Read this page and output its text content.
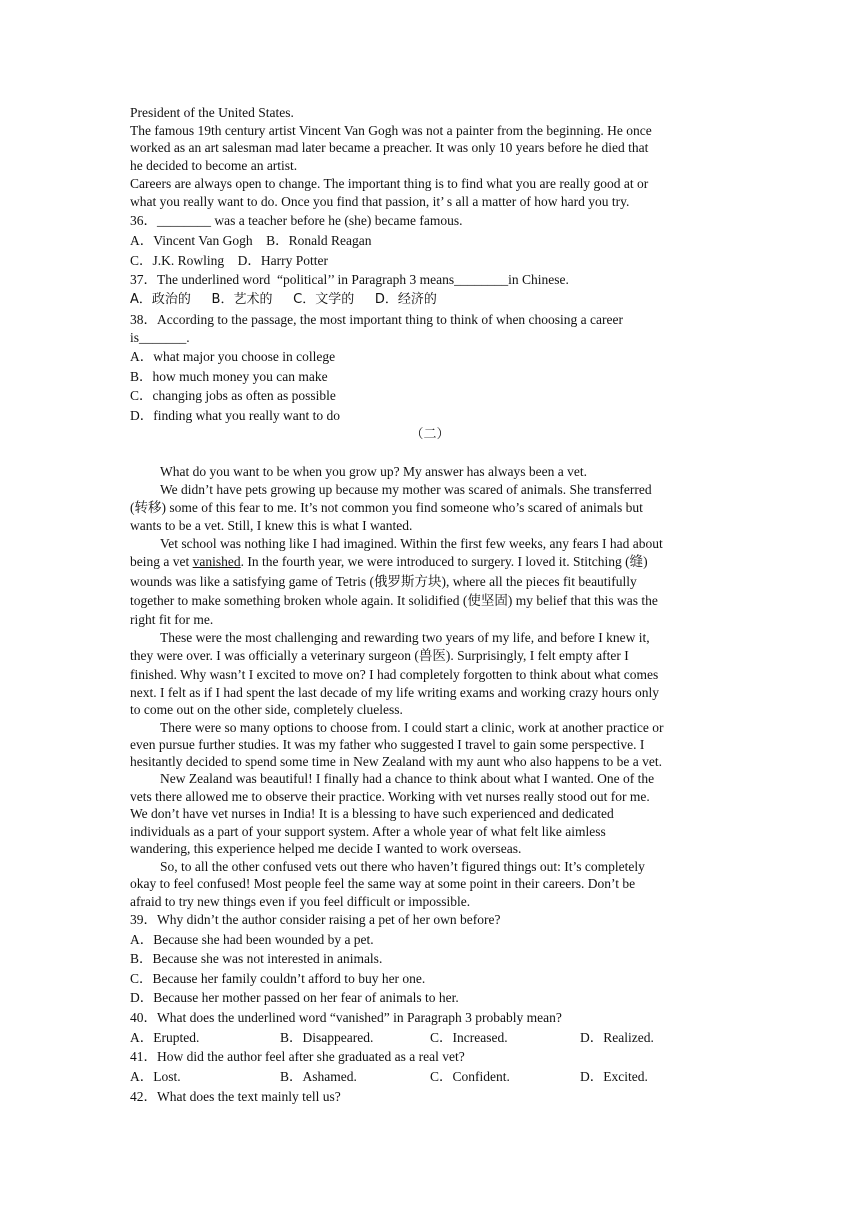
President of the United States.

The famous 19th century artist Vincent Van Gogh was not a painter from the beginning. He once

worked as an art salesman mad later became a preacher. It was only 10 years before he died that

he decided to become an artist.

Careers are always open to change. The important thing is to find what you are really good at or

what you really want to do. Once you find that passion, it’ s all a matter of how hard you try.

36．________ was a teacher before he (she) became famous.

A．Vincent Van Gogh    B．Ronald Reagan

C．J.K. Rowling    D．Harry Potter

37．The underlined word  “political’’ in Paragraph 3 means________in Chinese.

A．政治的     B．艺术的     C．文学的     D．经济的

38．According to the passage, the most important thing to think of when choosing a career

is_______.

A．what major you choose in college

B．how much money you can make

C．changing jobs as often as possible

D．finding what you really want to do

（二）

What do you want to be when you grow up? My answer has always been a vet.

We didn’t have pets growing up because my mother was scared of animals. She transferred

(转移) some of this fear to me. It’s not common you find someone who’s scared of animals but

wants to be a vet. Still, I knew this is what I wanted.

Vet school was nothing like I had imagined. Within the first few weeks, any fears I had about

being a vet vanished. In the fourth year, we were introduced to surgery. I loved it. Stitching (缝)

wounds was like a satisfying game of Tetris (俄罗斯方块), where all the pieces fit beautifully

together to make something broken whole again. It solidified (使坚固) my belief that this was the

right fit for me.

These were the most challenging and rewarding two years of my life, and before I knew it,

they were over. I was officially a veterinary surgeon (兽医). Surprisingly, I felt empty after I

finished. Why wasn’t I excited to move on? I had completely forgotten to think about what comes

next. I felt as if I had spent the last decade of my life writing exams and working crazy hours only

to come out on the other side, completely clueless.

There were so many options to choose from. I could start a clinic, work at another practice or

even pursue further studies. It was my father who suggested I travel to gain some perspective. I

hesitantly decided to spend some time in New Zealand with my aunt who also happens to be a vet.

New Zealand was beautiful! I finally had a chance to think about what I wanted. One of the

vets there allowed me to observe their practice. Working with vet nurses really stood out for me.

We don’t have vet nurses in India! It is a blessing to have such experienced and dedicated

individuals as a part of your support system. After a whole year of what felt like aimless

wandering, this experience helped me decide I wanted to work overseas.

So, to all the other confused vets out there who haven’t figured things out: It’s completely

okay to feel confused! Most people feel the same way at some point in their careers. Don’t be

afraid to try new things even if you feel difficult or impossible.

39．Why didn’t the author consider raising a pet of her own before?

A．Because she had been wounded by a pet.

B．Because she was not interested in animals.

C．Because her family couldn’t afford to buy her one.

D．Because her mother passed on her fear of animals to her.

40．What does the underlined word “vanished” in Paragraph 3 probably mean?

A．Erupted.	B．Disappeared.	C．Increased.	D．Realized.

41．How did the author feel after she graduated as a real vet?

A．Lost.	B．Ashamed.	C．Confident.	D．Excited.

42．What does the text mainly tell us?
